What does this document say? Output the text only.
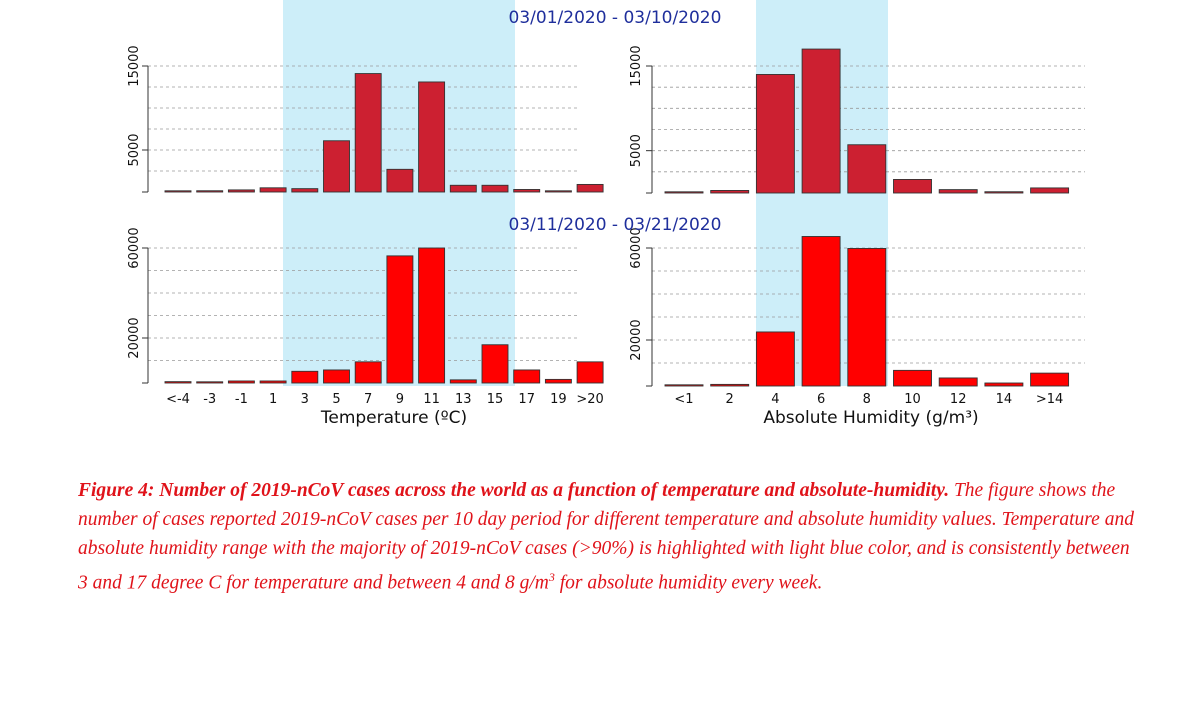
5000
15000
5000
15000
20000
60000
<-4 -3 -1 1 3 5 7 9 11 13 15 17 19 >20
20000
60000
<1 2	4	6	8	10 12 14 >14
03/01/2020 - 03/10/2020
03/11/2020 - 03/21/2020
Temperature (ºC)	Absolute Humidity (g/m³)

Figure 4: Number of 2019-nCoV cases across the world as a function of temperature and absolute-humidity. The figure shows the number of cases reported 2019-nCoV cases per 10 day period for different temperature and absolute humidity values. Temperature and absolute humidity range with the majority of 2019-nCoV cases (>90%) is highlighted with light blue color, and is consistently between 3 and 17 degree C for temperature and between 4 and 8 $g/m^3$ for absolute humidity every week.
